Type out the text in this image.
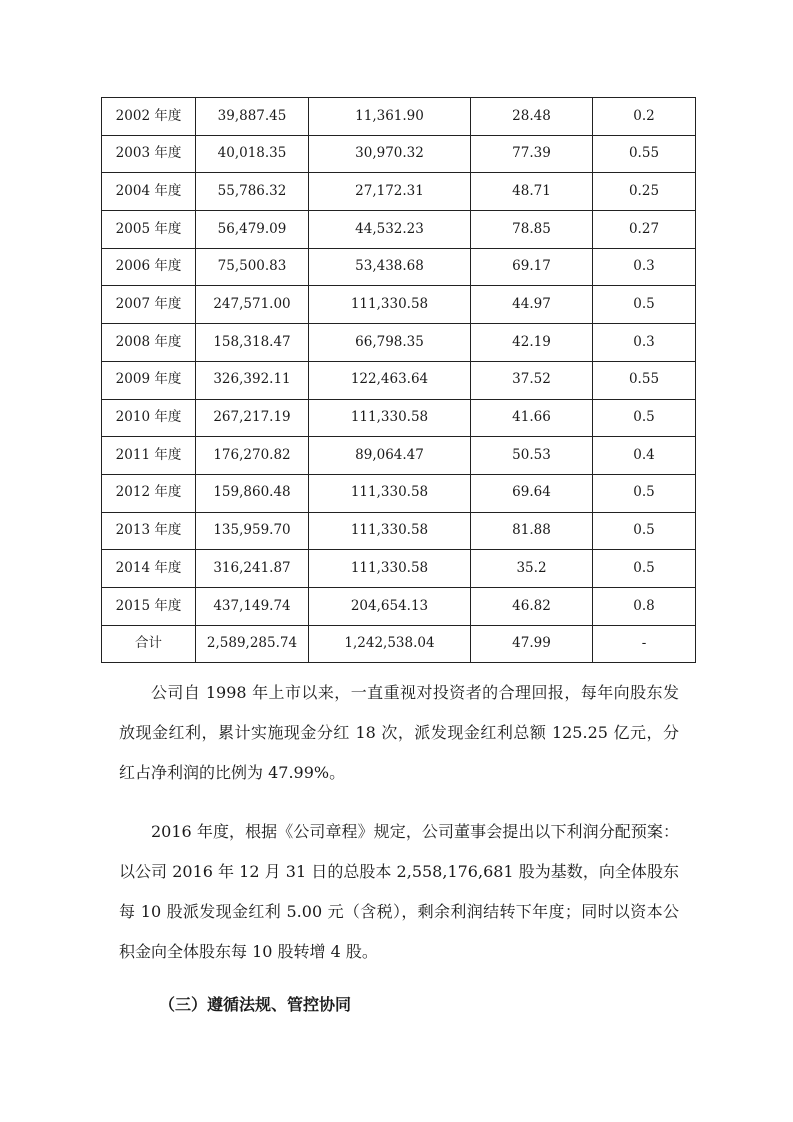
2002 年度	39,887.45	11,361.90	28.48	0.2
2003 年度	40,018.35	30,970.32	77.39	0.55
2004 年度	55,786.32	27,172.31	48.71	0.25
2005 年度	56,479.09	44,532.23	78.85	0.27
2006 年度	75,500.83	53,438.68	69.17	0.3
2007 年度	247,571.00	111,330.58	44.97	0.5
2008 年度	158,318.47	66,798.35	42.19	0.3
2009 年度	326,392.11	122,463.64	37.52	0.55
2010 年度	267,217.19	111,330.58	41.66	0.5
2011 年度	176,270.82	89,064.47	50.53	0.4
2012 年度	159,860.48	111,330.58	69.64	0.5
2013 年度	135,959.70	111,330.58	81.88	0.5
2014 年度	316,241.87	111,330.58	35.2	0.5
2015 年度	437,149.74	204,654.13	46.82	0.8
合计	2,589,285.74	1,242,538.04	47.99	-

公司自 1998 年上市以来，一直重视对投资者的合理回报，每年向股东发放现金红利，累计实施现金分红 18 次，派发现金红利总额 125.25 亿元，分红占净利润的比例为 47.99%。

2016 年度，根据《公司章程》规定，公司董事会提出以下利润分配预案：以公司 2016 年 12 月 31 日的总股本 2,558,176,681 股为基数，向全体股东每 10 股派发现金红利 5.00 元（含税），剩余利润结转下年度；同时以资本公积金向全体股东每 10 股转增 4 股。

（三）遵循法规、管控协同
